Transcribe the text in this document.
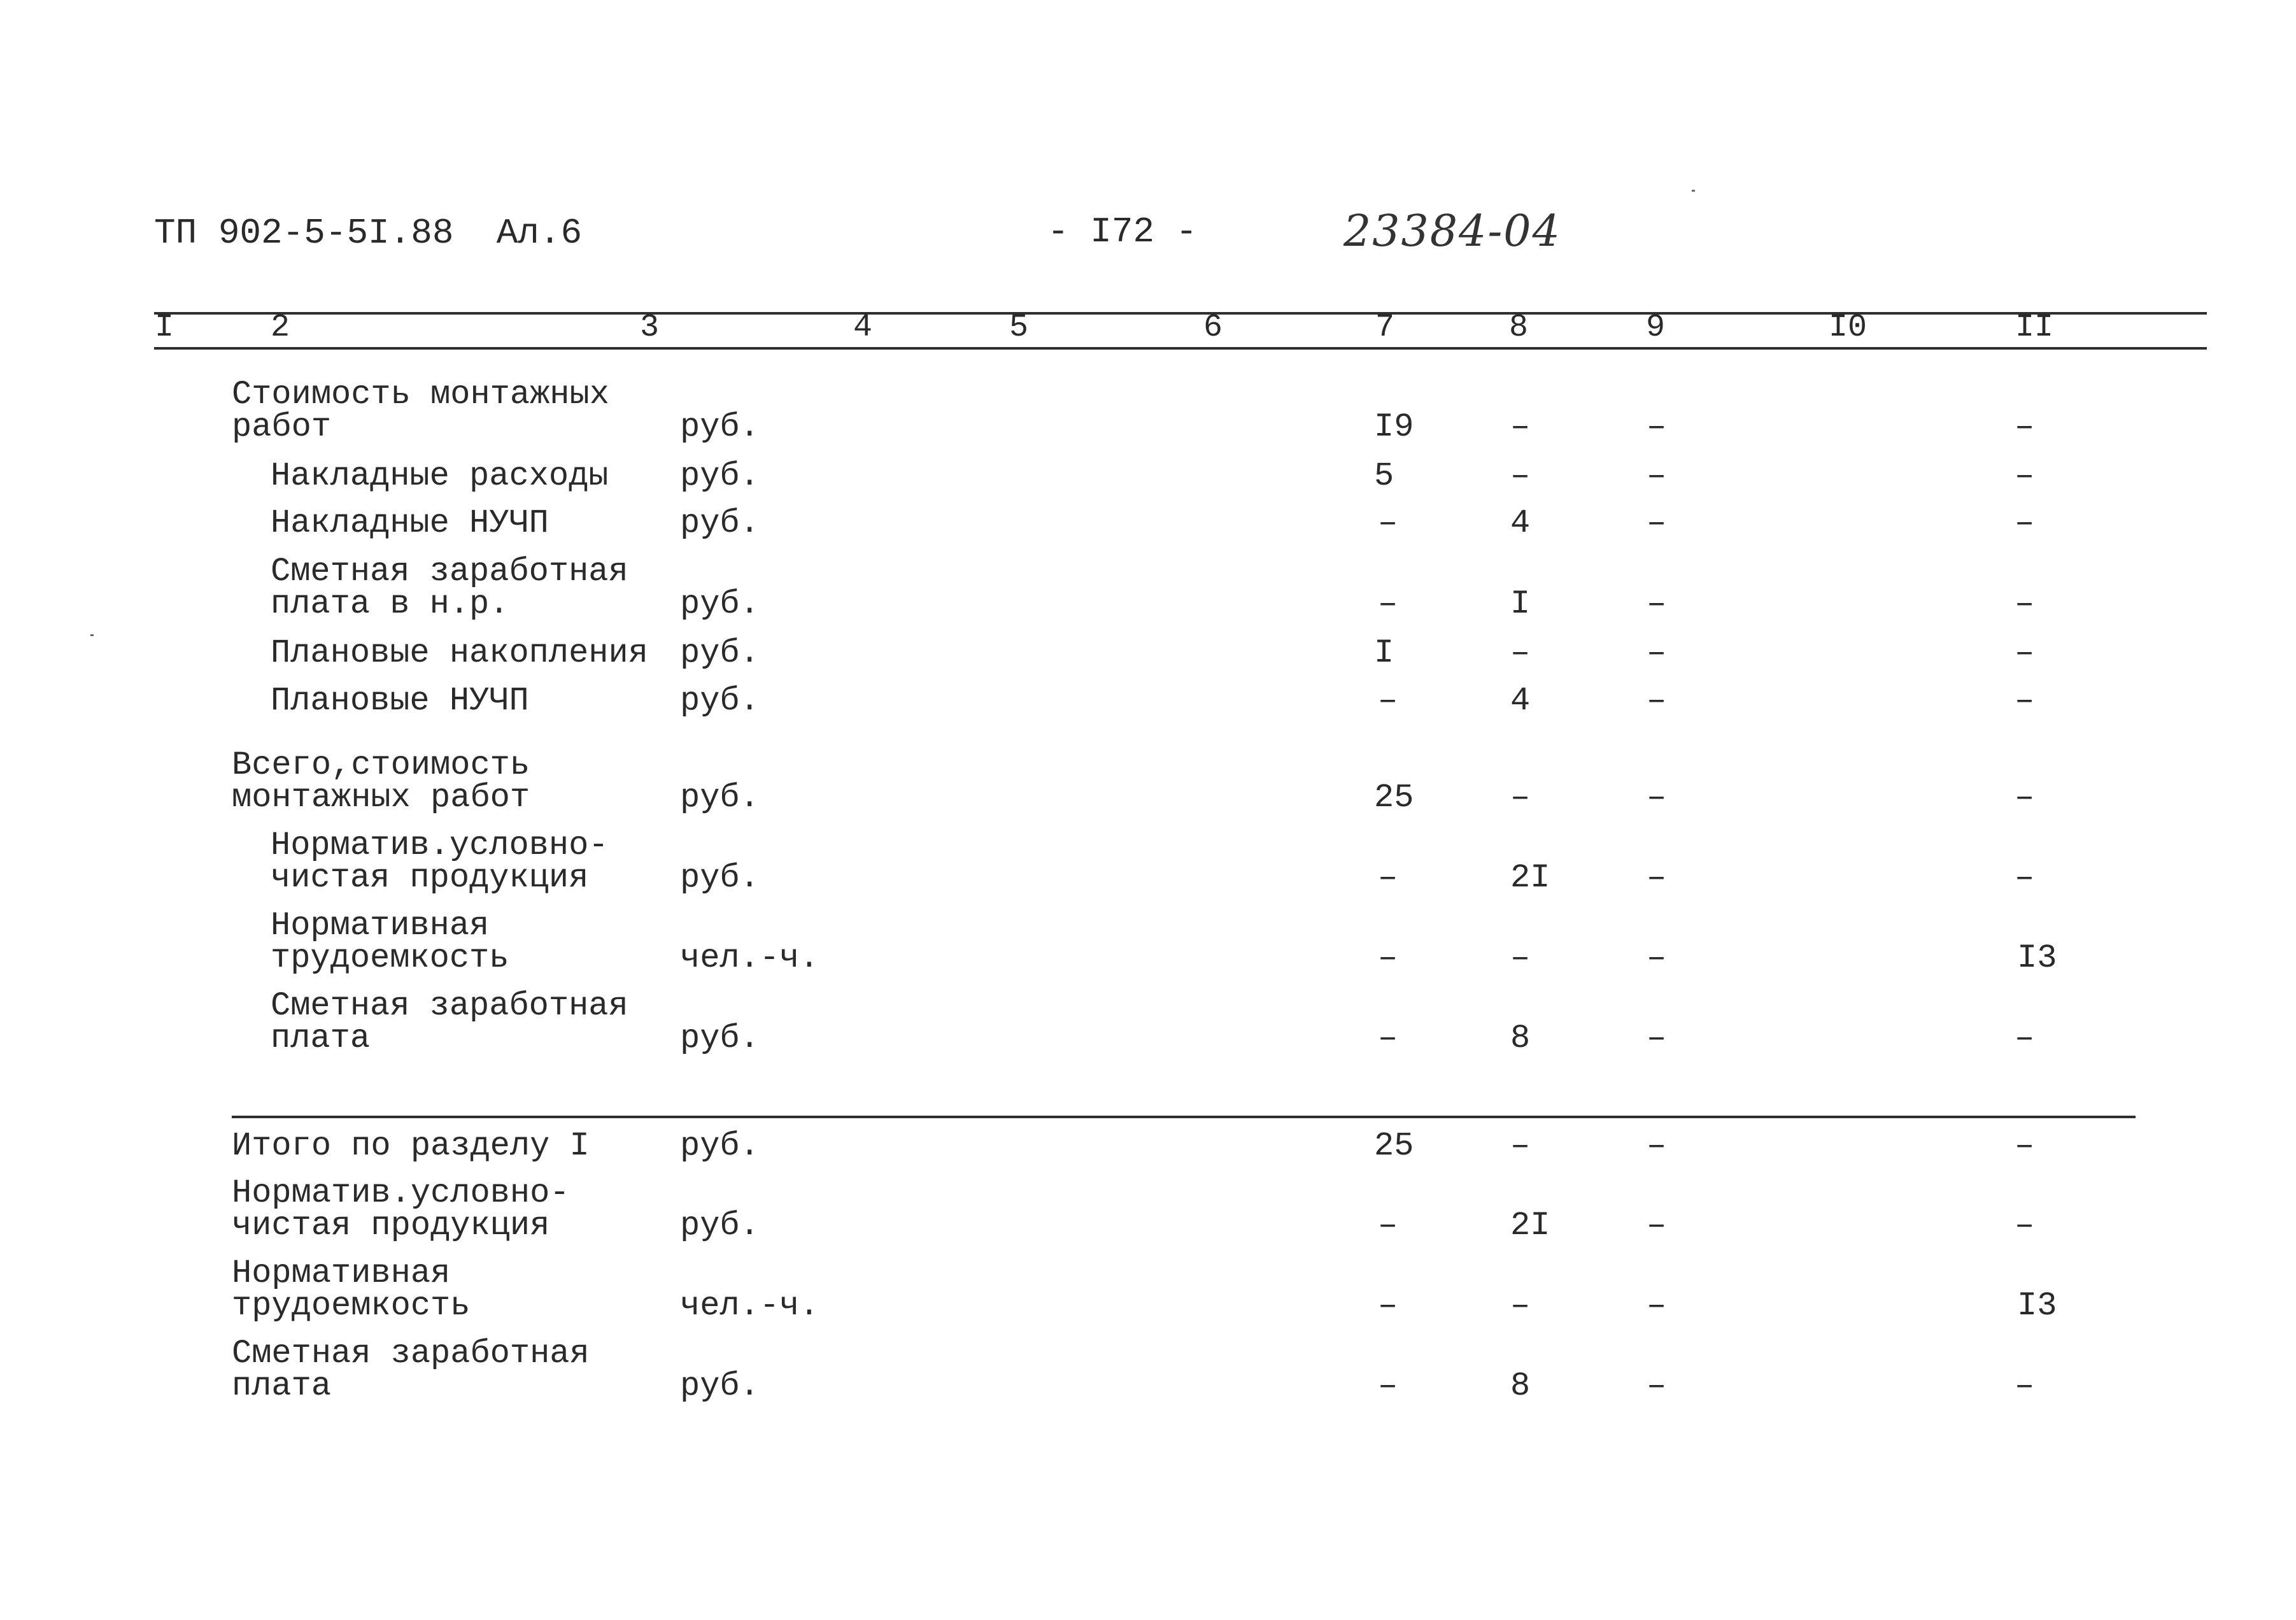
ТП 902-5-5I.88  Ал.6	- I72 -	23384-04
I	2	3	4	5	6	7	8	9	I0	II
Стоимость монтажных
работ	руб.	I9	–	–	–
Накладные расходы руб.	5	–	–	–
Накладные НУЧП	руб.	–	4	–	–
Сметная заработная
плата в н.р.	руб.	–	I	–	–
Плановые накопления руб.	I	–	–	–
Плановые НУЧП	руб.	–	4	–	–
Всего,стоимость
монтажных работ	руб.	25	–	–	–
Норматив.условно-
чистая продукция	руб.	–	2I	–	–
Нормативная
трудоемкость	чел.-ч.	–	–	–	I3
Сметная заработная
плата	руб.	–	8	–	–
Итого по разделу I	руб.	25	–	–	–
Норматив.условно-
чистая продукция	руб.	–	2I	–	–
Нормативная
трудоемкость	чел.-ч.	–	–	–	I3
Сметная заработная
плата	руб.	–	8	–	–
